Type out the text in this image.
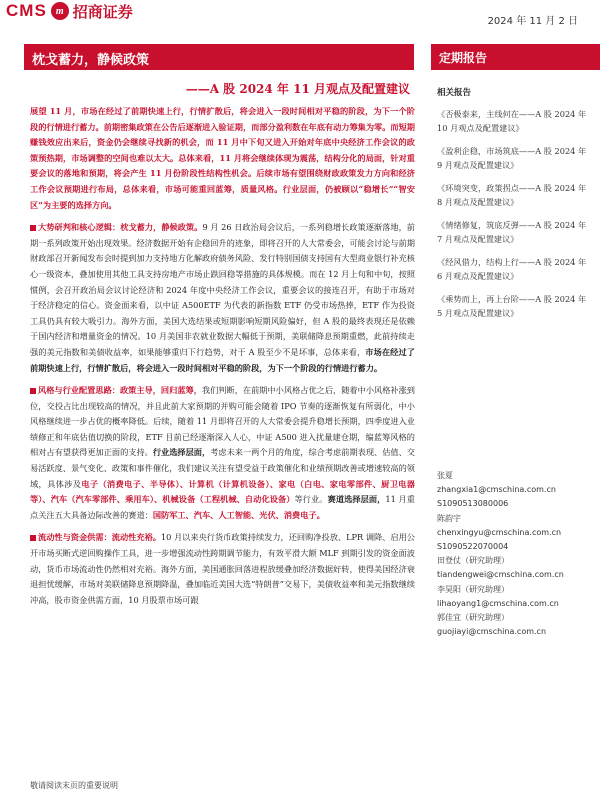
CMS m 招商证券
2024 年 11 月 2 日
枕戈蓄力，静候政策	定期报告
——A 股 2024 年 11 月观点及配置建议

展望 11 月，市场在经过了前期快速上行，行情扩散后，将会进入一段时间相对平稳的阶段，为下一个阶段的行情进行蓄力。前期密集政策在公告后逐渐进入验证期，而部分盈利数在年底有动力筹集为零。而短期赚钱效应出来后，资金仍会继续寻找新的机会，而 11 月中下旬又进入开始对年底中央经济工作会议的政策预热期，市场调整的空间也难以太大。总体来看，11 月将会继续体现为震荡，结构分化的局面，针对重要会议的落地和预期，将会产生 11 月份阶段性结构性机会。后续市场有望围绕财政政策发力方向和经济工作会议预期进行布局，总体来看，市场可能重回蓝筹，质量风格。行业层面，仍被顾以“稳增长”“智安区”为主要的选择方向。

大势研判和核心逻辑：枕戈蓄力，静候政策。9 月 26 日政治局会议后，一系列稳增长政策逐渐落地，前期一系列政策开始出现效果。经济数据开始有企稳回升的迹象，即将召开的人大常委会，可能会讨论与前期财政部召开新闻发布会时提到加力支持地方化解政府债务风险、发行特别国债支持国有大型商业银行补充核心一级资本，叠加使用其他工具支持房地产市场止跌回稳等措施的具体规模。而在 12 月上旬和中旬，按照惯例，会召开政治局会议讨论经济和 2024 年度中央经济工作会议，重要会议的接连召开，有助于市场对于经济稳定的信心。资金面来看，以中证 A500ETF 为代表的新指数 ETF 仍受市场热捧，ETF 作为投资工具仍具有较大吸引力。海外方面，美国大选结果或短期影响短期风险偏好，但 A 股的最终表现还是依赖于国内经济和增量资金的情况。10 月美国非农就业数据大幅低于预期，美联储降息预期重燃，此前持续走强的美元指数和美债收益率，如果能够重归下行趋势，对于 A 股至少不是坏事，总体来看，市场在经过了前期快速上行，行情扩散后，将会进入一段时间相对平稳的阶段，为下一个阶段的行情进行蓄力。

风格与行业配置思路：政策主导，回归蓝筹，我们判断，在前期中小风格占优之后，随着中小风格补涨到位，交投占比出现较高的情况，并且此前大家预期的并购可能会随着 IPO 节奏的逐渐恢复有所弱化，中小风格继续进一步占优的概率降低。后续，随着 11 月即将召开的人大常委会提升稳增长预期，四季度进入业绩修正和年底估值切换的阶段，ETF 目前已经逐渐深入人心，中证 A500 进入扰量建仓期，编蓝筹风格的相对占有望获得更加正面的支持。行业选择层面，考虑未来一两个月的角度，综合考虑前期表现、估值、交易活跃度、景气变化、政策和事件催化，我们建议关注有望受益于政策催化和业绩预期改善或增速较高的领域，具体涉及电子（消费电子、半导体）、计算机（计算机设备）、家电（白电、家电零部件、厨卫电器等）、汽车（汽车零部件、乘用车）、机械设备（工程机械、自动化设备）等行业。赛道选择层面，11 月重点关注五大具备边际改善的赛道：国防军工、汽车、人工智能、光伏、消费电子。

流动性与资金供需：流动性充裕。10 月以来央行货币政策持续发力，还回购净投放、LPR 调降、启用公开市场买断式逆回购操作工具，进一步增强流动性跨期调节能力，有效平滑大额 MLF 到期引发的资金面波动，货币市场流动性仍然相对充裕。海外方面，美国通胀回落进程放缓叠加经济数据好转，使得美国经济衰退担忧缓解，市场对美联储降息预期降温，叠加临近美国大选“特朗普”交易下，美债收益率和美元指数继续冲高，股市资金供需方面，10 月股票市场可跟

相关报告
《否极泰来，主线何在——A 股 2024 年 10 月观点及配置建议》
《盈利企稳，市场筑底——A 股 2024 年 9 月观点及配置建议》
《环境突变，政策拐点——A 股 2024 年 8 月观点及配置建议》
《情绪修复，筑底反弹——A 股 2024 年 7 月观点及配置建议》
《经风借力，结构上行——A 股 2024 年 6 月观点及配置建议》
《乘势而上，再上台阶——A 股 2024 年 5 月观点及配置建议》
张夏
zhangxia1@cmschina.com.cn
S1090513080006
陈韵宇
chenxingyu@cmschina.com.cn
S1090522070004
田登仗（研究助理）
tiandengwei@cmschina.com.cn
李昊阳（研究助理）
lihaoyang1@cmschina.com.cn
郭佳宜（研究助理）
guojiayi@cmschina.com.cn
敬请阅读末页的重要说明
